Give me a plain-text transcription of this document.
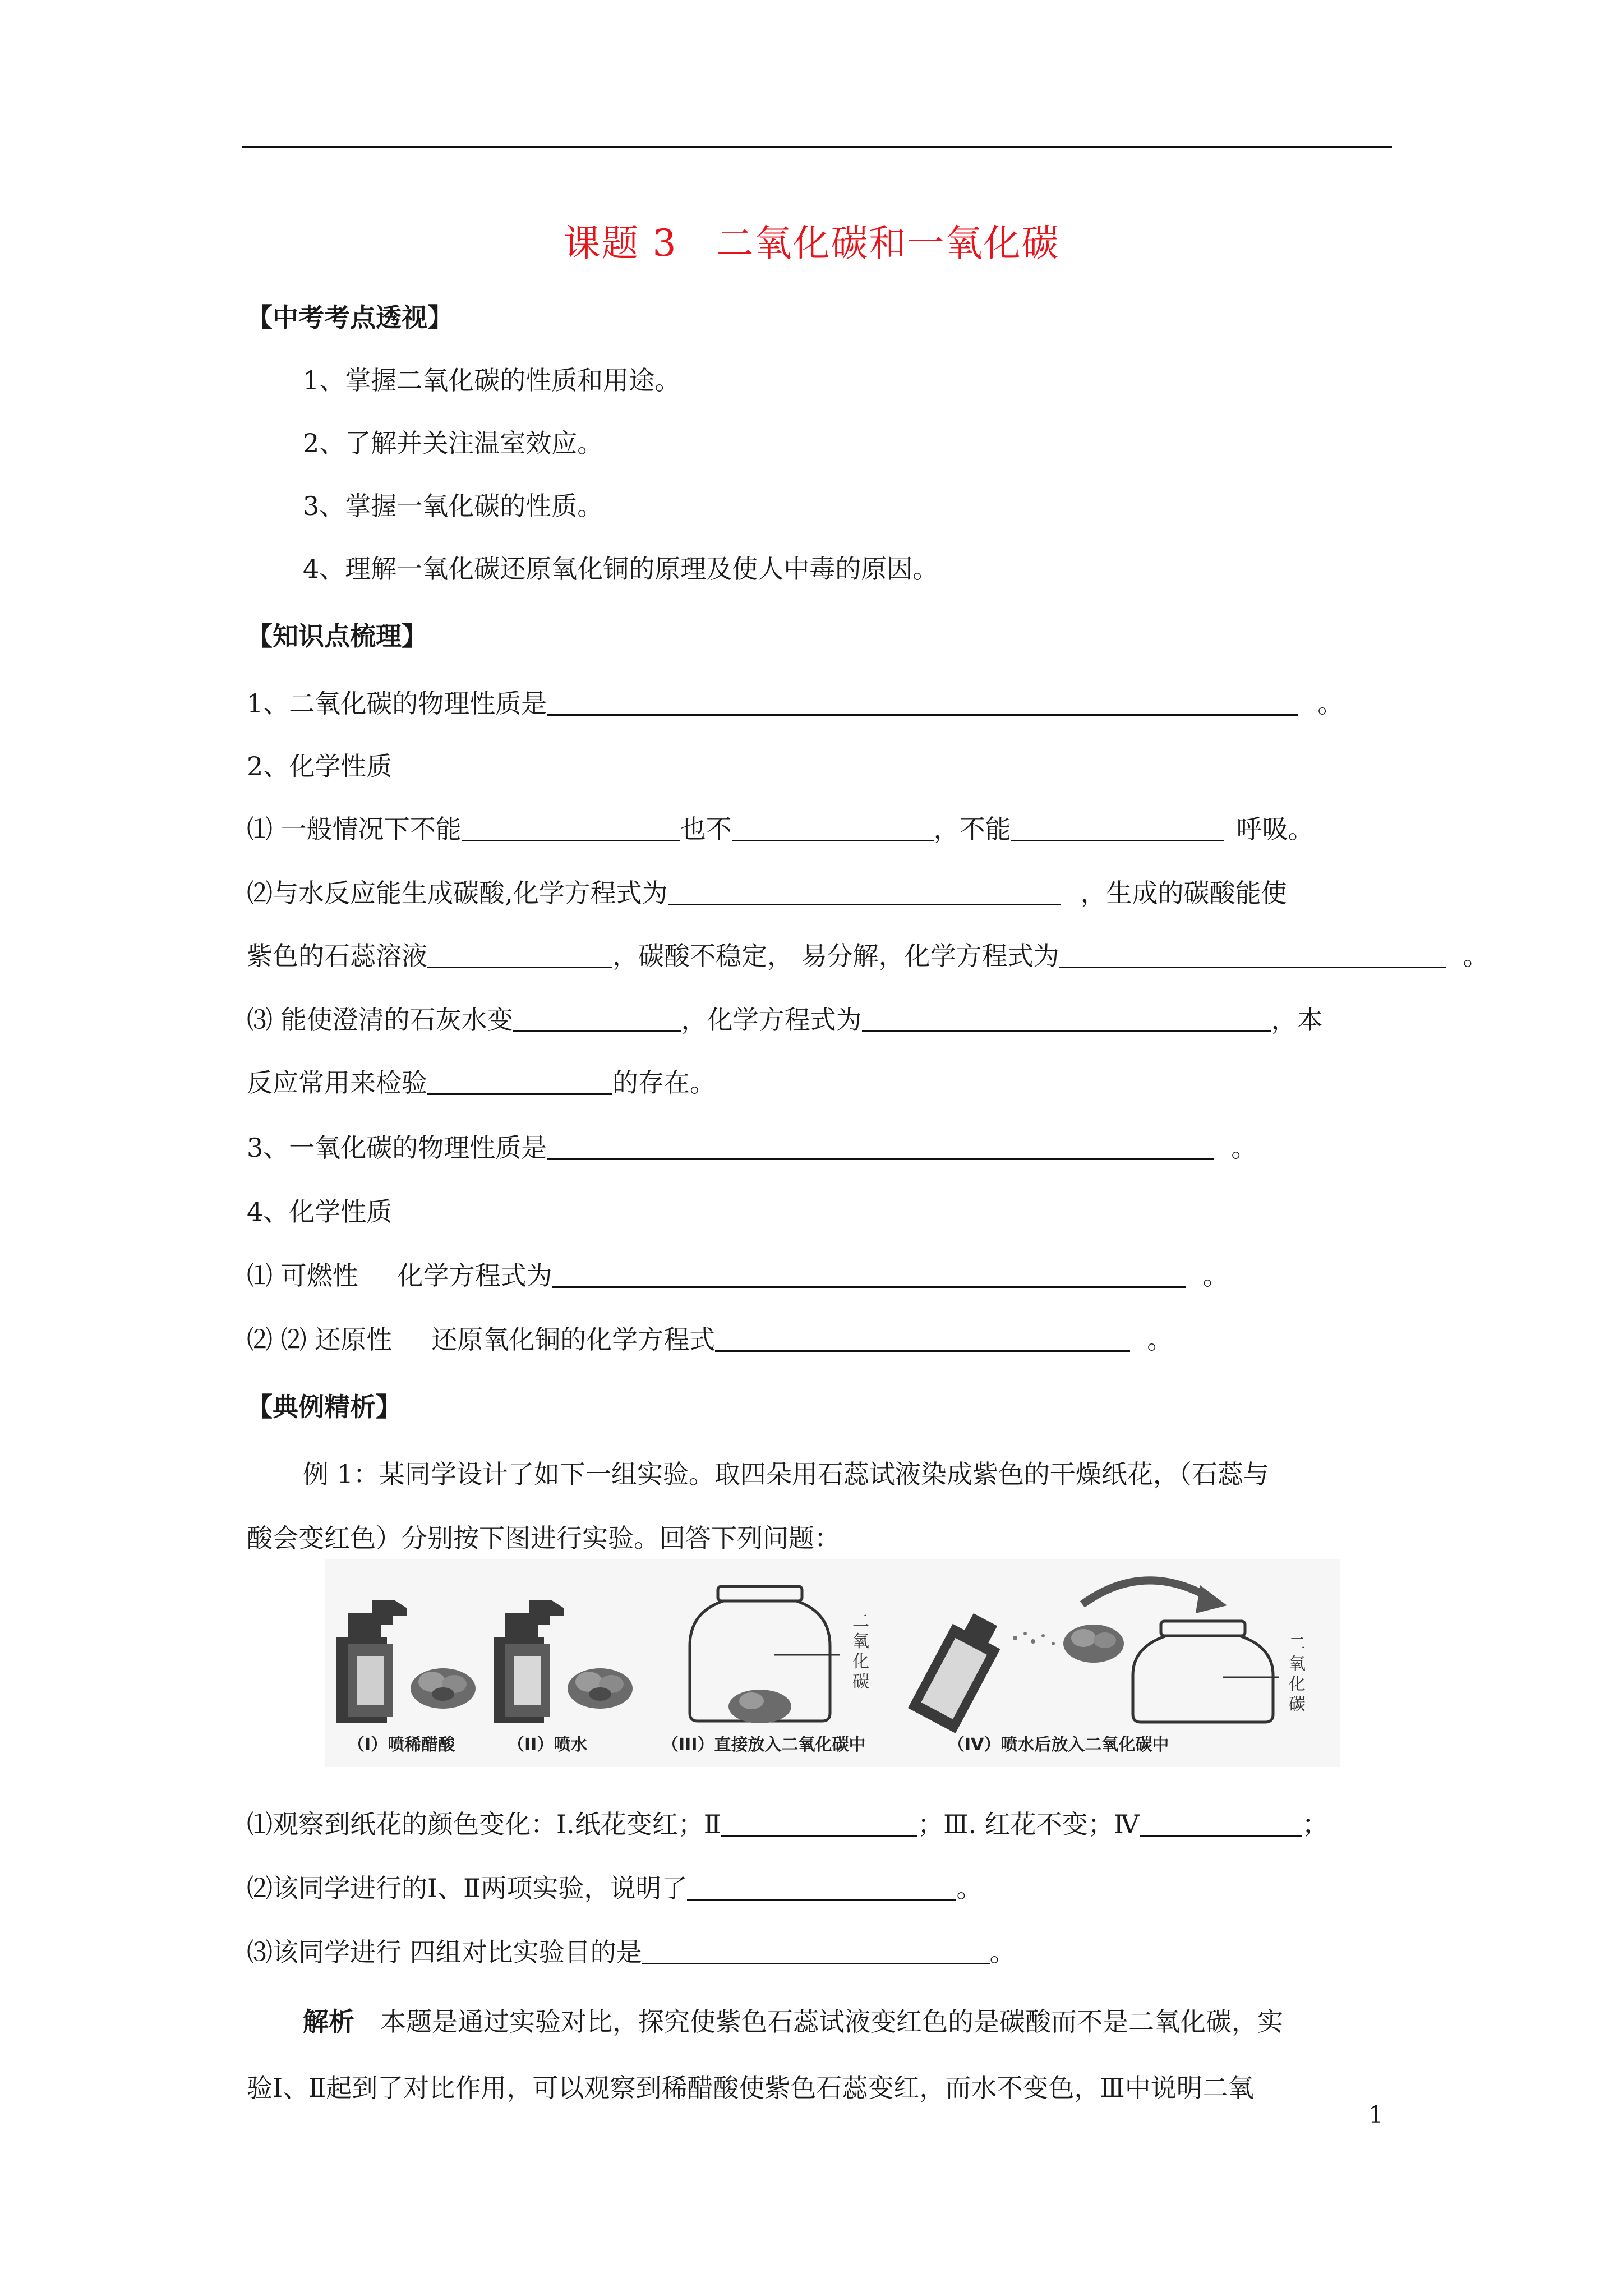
课题 3 二氧化碳和一氧化碳
【中考考点透视】
1、掌握二氧化碳的性质和用途。
2、了解并关注温室效应。
3、掌握一氧化碳的性质。
4、理解一氧化碳还原氧化铜的原理及使人中毒的原因。
【知识点梳理】
1、二氧化碳的物理性质是	。
2、化学性质
⑴ 一般情况下不能	也不	，不能	呼吸。
⑵与水反应能生成碳酸,化学方程式为	，生成的碳酸能使
紫色的石蕊溶液	，碳酸不稳定， 易分解，化学方程式为	。
⑶ 能使澄清的石灰水变	，化学方程式为	，本
反应常用来检验	的存在。
3、一氧化碳的物理性质是	。
4、化学性质
⑴ 可燃性 化学方程式为	。
⑵ ⑵ 还原性 还原氧化铜的化学方程式	。
【典例精析】
例 1：某同学设计了如下一组实验。取四朵用石蕊试液染成紫色的干燥纸花，（石蕊与
酸会变红色）分别按下图进行实验。回答下列问题：
二
氧
化
碳
二
氧
化
碳
（I）喷稀醋酸	（II）喷水	（III）直接放入二氧化碳中	（IV）喷水后放入二氧化碳中
⑴观察到纸花的颜色变化：Ⅰ.纸花变红；Ⅱ	；Ⅲ. 红花不变；Ⅳ	；
⑵该同学进行的Ⅰ、Ⅱ两项实验，说明了	。
⑶该同学进行 四组对比实验目的是	。
解析 本题是通过实验对比，探究使紫色石蕊试液变红色的是碳酸而不是二氧化碳，实
验Ⅰ、Ⅱ起到了对比作用，可以观察到稀醋酸使紫色石蕊变红，而水不变色，Ⅲ中说明二氧
1
